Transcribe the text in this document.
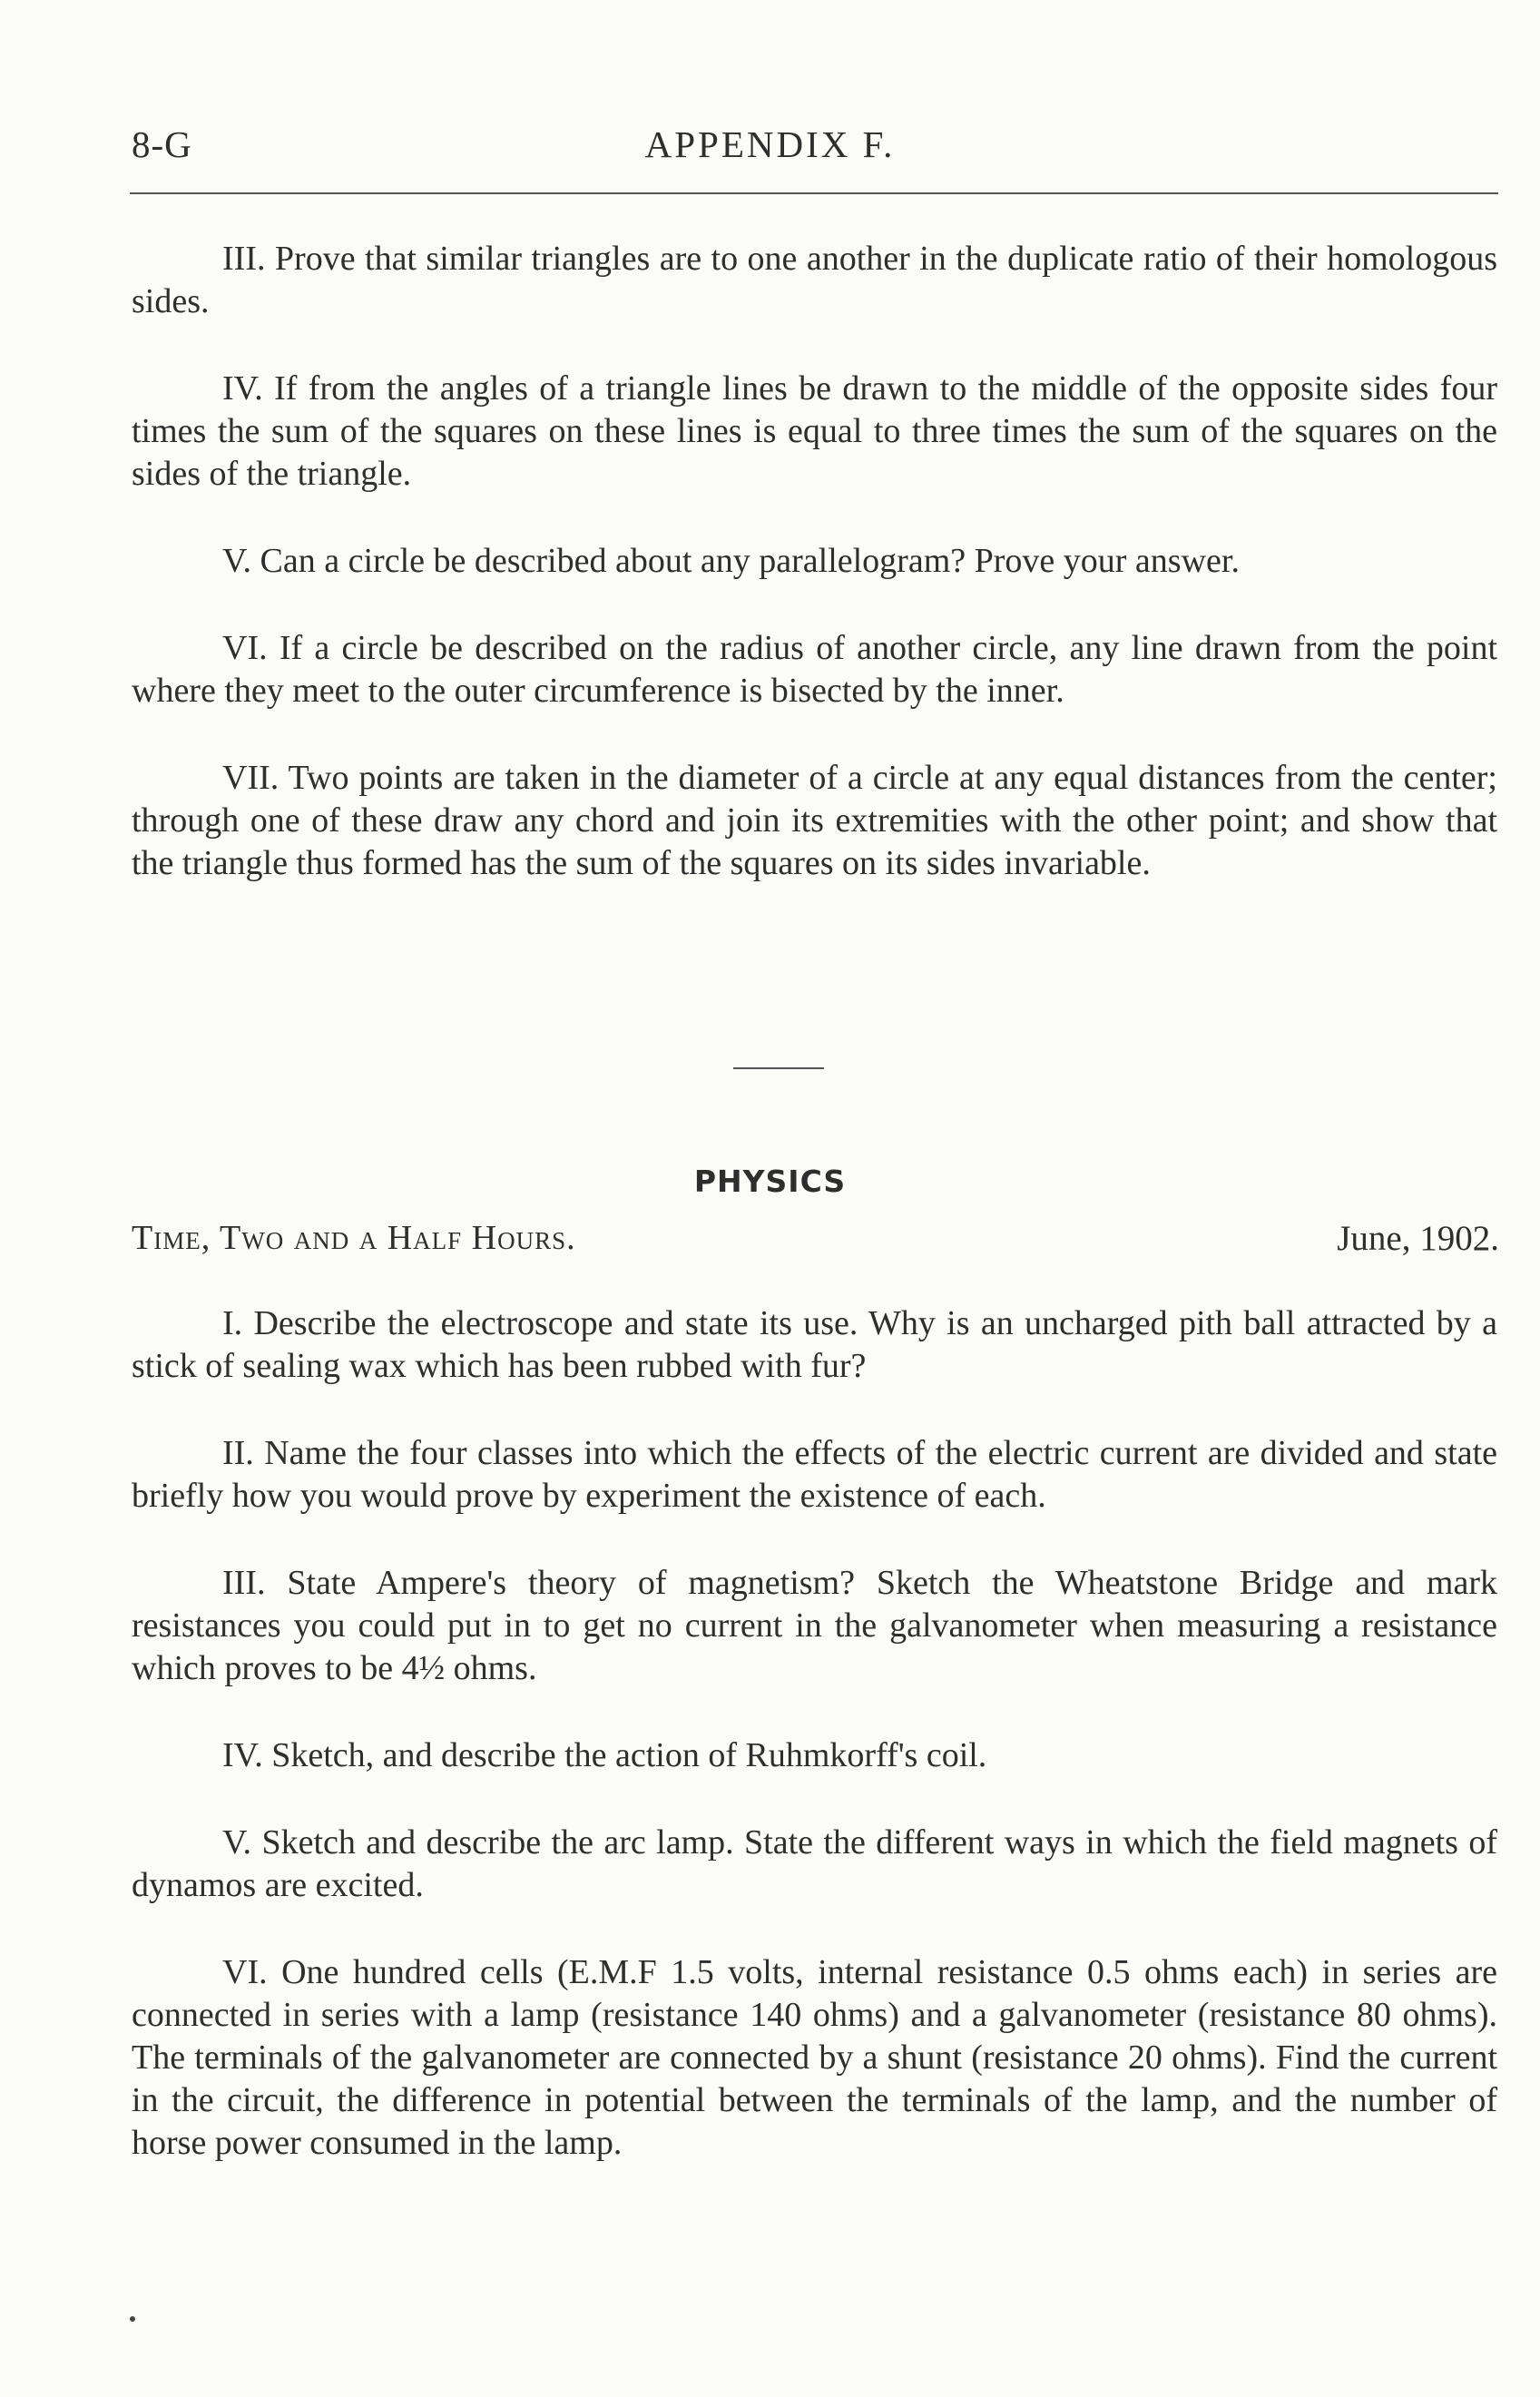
8-G	APPENDIX F.

III. Prove that similar triangles are to one another in the duplicate ratio of their homologous sides.

IV. If from the angles of a triangle lines be drawn to the middle of the opposite sides four times the sum of the squares on these lines is equal to three times the sum of the squares on the sides of the triangle.

V. Can a circle be described about any parallelogram? Prove your answer.

VI. If a circle be described on the radius of another circle, any line drawn from the point where they meet to the outer circumference is bisected by the inner.

VII. Two points are taken in the diameter of a circle at any equal distances from the center; through one of these draw any chord and join its extremities with the other point; and show that the triangle thus formed has the sum of the squares on its sides invariable.

PHYSICS
Time, Two and a Half Hours.	June, 1902.

I. Describe the electroscope and state its use. Why is an uncharged pith ball attracted by a stick of sealing wax which has been rubbed with fur?

II. Name the four classes into which the effects of the electric current are divided and state briefly how you would prove by experiment the existence of each.

III. State Ampere's theory of magnetism? Sketch the Wheatstone Bridge and mark resistances you could put in to get no current in the galvanometer when measuring a resistance which proves to be 4½ ohms.

IV. Sketch, and describe the action of Ruhmkorff's coil.

V. Sketch and describe the arc lamp. State the different ways in which the field magnets of dynamos are excited.

VI. One hundred cells (E.M.F 1.5 volts, internal resistance 0.5 ohms each) in series are connected in series with a lamp (resistance 140 ohms) and a galvanometer (resistance 80 ohms). The terminals of the galvanometer are connected by a shunt (resistance 20 ohms). Find the current in the circuit, the difference in potential between the terminals of the lamp, and the number of horse power consumed in the lamp.
